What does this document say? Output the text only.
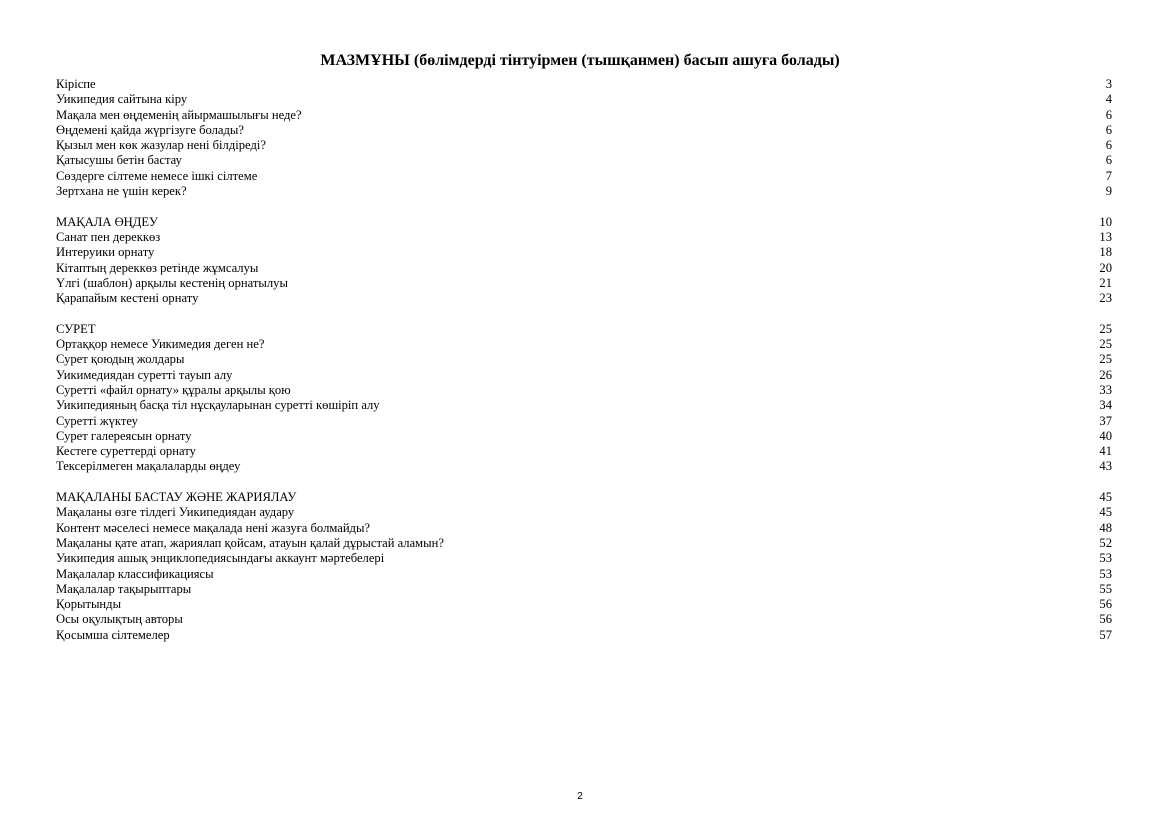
МАЗМҰНЫ (бөлімдерді тінтуірмен (тышқанмен) басып ашуға болады)
Кіріспе	3
Уикипедия сайтына кіру	4
Мақала мен өңдеменің айырмашылығы неде?	6
Өңдемені қайда жүргізуге болады?	6
Қызыл мен көк жазулар нені білдіреді?	6
Қатысушы бетін бастау	6
Сөздерге сілтеме немесе ішкі сілтеме	7
Зертхана не үшін керек?	9
МАҚАЛА ӨҢДЕУ	10
Санат пен дереккөз	13
Интеруики орнату	18
Кітаптың дереккөз ретінде жұмсалуы	20
Үлгі (шаблон) арқылы кестенің орнатылуы	21
Қарапайым кестені орнату	23
СУРЕТ	25
Ортаққор немесе Уикимедия деген не?	25
Сурет қоюдың жолдары	25
Уикимедиядан суретті тауып алу	26
Суретті «файл орнату» құралы арқылы қою	33
Уикипедияның басқа тіл нұсқауларынан суретті көшіріп алу	34
Суретті жүктеу	37
Сурет галереясын орнату	40
Кестеге суреттерді орнату	41
Тексерілмеген мақалаларды өңдеу	43
МАҚАЛАНЫ БАСТАУ ЖӘНЕ ЖАРИЯЛАУ	45
Мақаланы өзге тілдегі Уикипедиядан аудару	45
Контент мәселесі немесе мақалада нені жазуға болмайды?	48
Мақаланы қате атап, жариялап қойсам, атауын қалай дұрыстай аламын?	52
Уикипедия ашық энциклопедиясындағы аккаунт мәртебелері	53
Мақалалар классификациясы	53
Мақалалар тақырыптары	55
Қорытынды	56
Осы оқулықтың авторы	56
Қосымша сілтемелер	57
2
